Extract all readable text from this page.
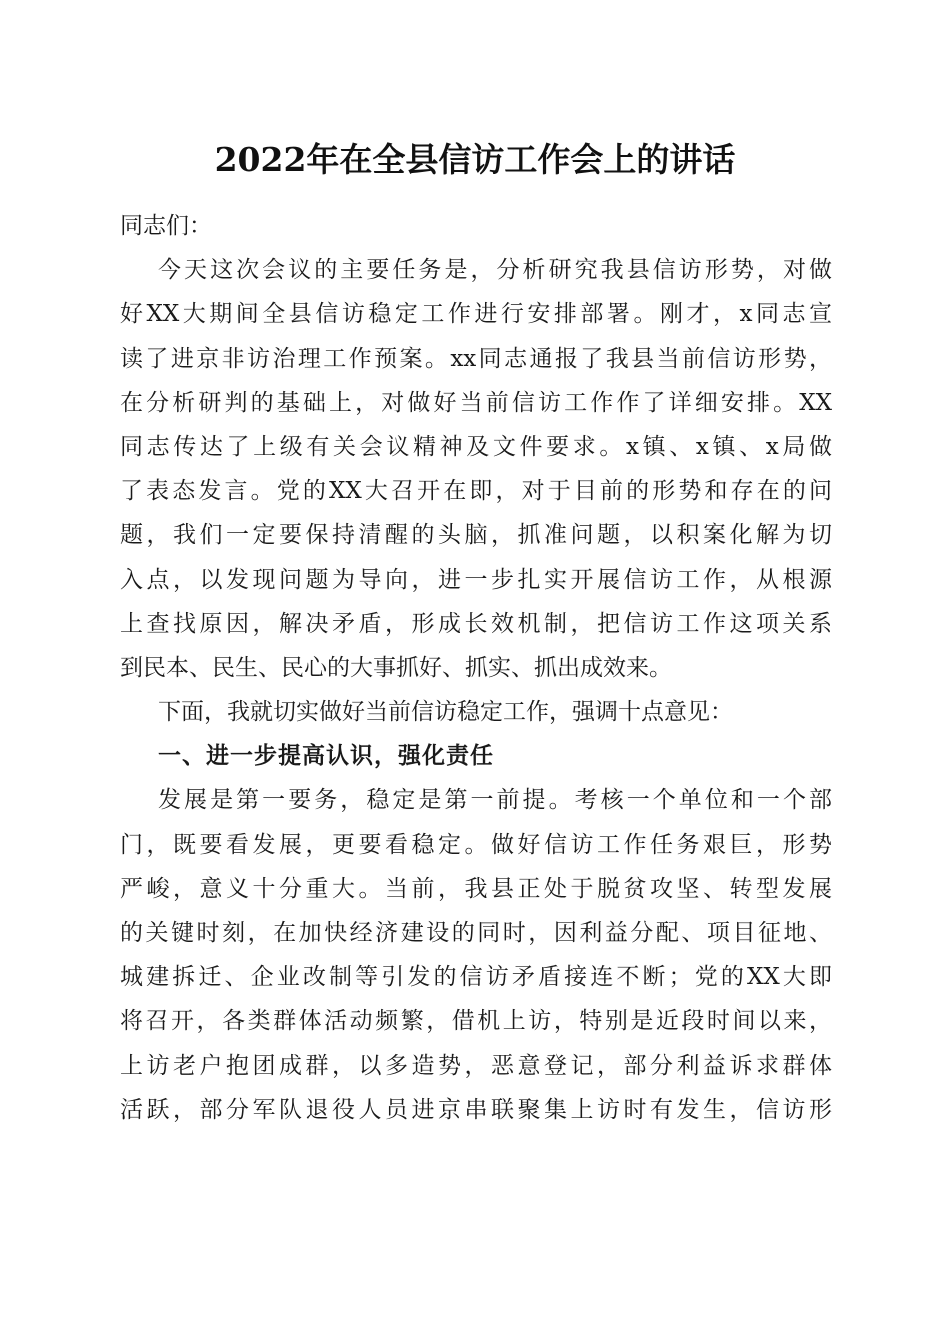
2022年在全县信访工作会上的讲话
同志们：
今天这次会议的主要任务是，分析研究我县信访形势，对做
好XX大期间全县信访稳定工作进行安排部署。刚才，x同志宣
读了进京非访治理工作预案。xx同志通报了我县当前信访形势，
在分析研判的基础上，对做好当前信访工作作了详细安排。XX
同志传达了上级有关会议精神及文件要求。x镇、x镇、x局做
了表态发言。党的XX大召开在即，对于目前的形势和存在的问
题，我们一定要保持清醒的头脑，抓准问题，以积案化解为切
入点，以发现问题为导向，进一步扎实开展信访工作，从根源
上查找原因，解决矛盾，形成长效机制，把信访工作这项关系
到民本、民生、民心的大事抓好、抓实、抓出成效来。
下面，我就切实做好当前信访稳定工作，强调十点意见：
一、进一步提高认识，强化责任
发展是第一要务，稳定是第一前提。考核一个单位和一个部
门，既要看发展，更要看稳定。做好信访工作任务艰巨，形势
严峻，意义十分重大。当前，我县正处于脱贫攻坚、转型发展
的关键时刻，在加快经济建设的同时，因利益分配、项目征地、
城建拆迁、企业改制等引发的信访矛盾接连不断；党的XX大即
将召开，各类群体活动频繁，借机上访，特别是近段时间以来，
上访老户抱团成群，以多造势，恶意登记，部分利益诉求群体
活跃，部分军队退役人员进京串联聚集上访时有发生，信访形
